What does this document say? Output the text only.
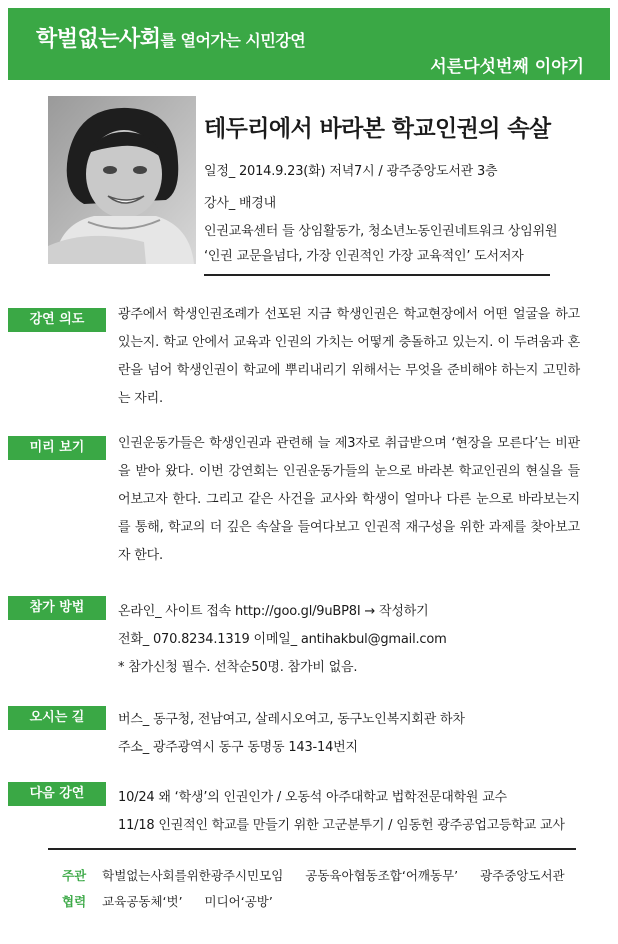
학벌없는사회를 열어가는 시민강연
서른다섯번째 이야기
테두리에서 바라본 학교인권의 속살
일정_ 2014.9.23(화) 저녁7시 / 광주중앙도서관 3층
강사_ 배경내
인권교육센터 들 상임활동가, 청소년노동인권네트워크 상임위원
‘인권 교문을넘다, 가장 인권적인 가장 교육적인’ 도서저자
강연 의도	광주에서 학생인권조례가 선포된 지금 학생인권은 학교현장에서 어떤 얼굴을 하고 있는지. 학교 안에서 교육과 인권의 가치는 어떻게 충돌하고 있는지. 이 두려움과 혼란을 넘어 학생인권이 학교에 뿌리내리기 위해서는 무엇을 준비해야 하는지 고민하는 자리.
미리 보기	인권운동가들은 학생인권과 관련해 늘 제3자로 취급받으며 ‘현장을 모른다’는 비판을 받아 왔다. 이번 강연회는 인권운동가들의 눈으로 바라본 학교인권의 현실을 들어보고자 한다. 그리고 같은 사건을 교사와 학생이 얼마나 다른 눈으로 바라보는지를 통해, 학교의 더 깊은 속살을 들여다보고 인권적 재구성을 위한 과제를 찾아보고자 한다.
참가 방법	온라인_ 사이트 접속 http://goo.gl/9uBP8I → 작성하기
전화_ 070.8234.1319 이메일_ antihakbul@gmail.com
* 참가신청 필수. 선착순50명. 참가비 없음.
오시는 길	버스_ 동구청, 전남여고, 살레시오여고, 동구노인복지회관 하차
주소_ 광주광역시 동구 동명동 143-14번지
다음 강연	10/24 왜 ‘학생’의 인권인가 / 오동석 아주대학교 법학전문대학원 교수
11/18 인권적인 학교를 만들기 위한 고군분투기 / 임동헌 광주공업고등학교 교사
주관 학벌없는사회를위한광주시민모임 공동육아협동조합‘어깨동무’ 광주중앙도서관
협력 교육공동체‘벗’ 미디어‘공방’
